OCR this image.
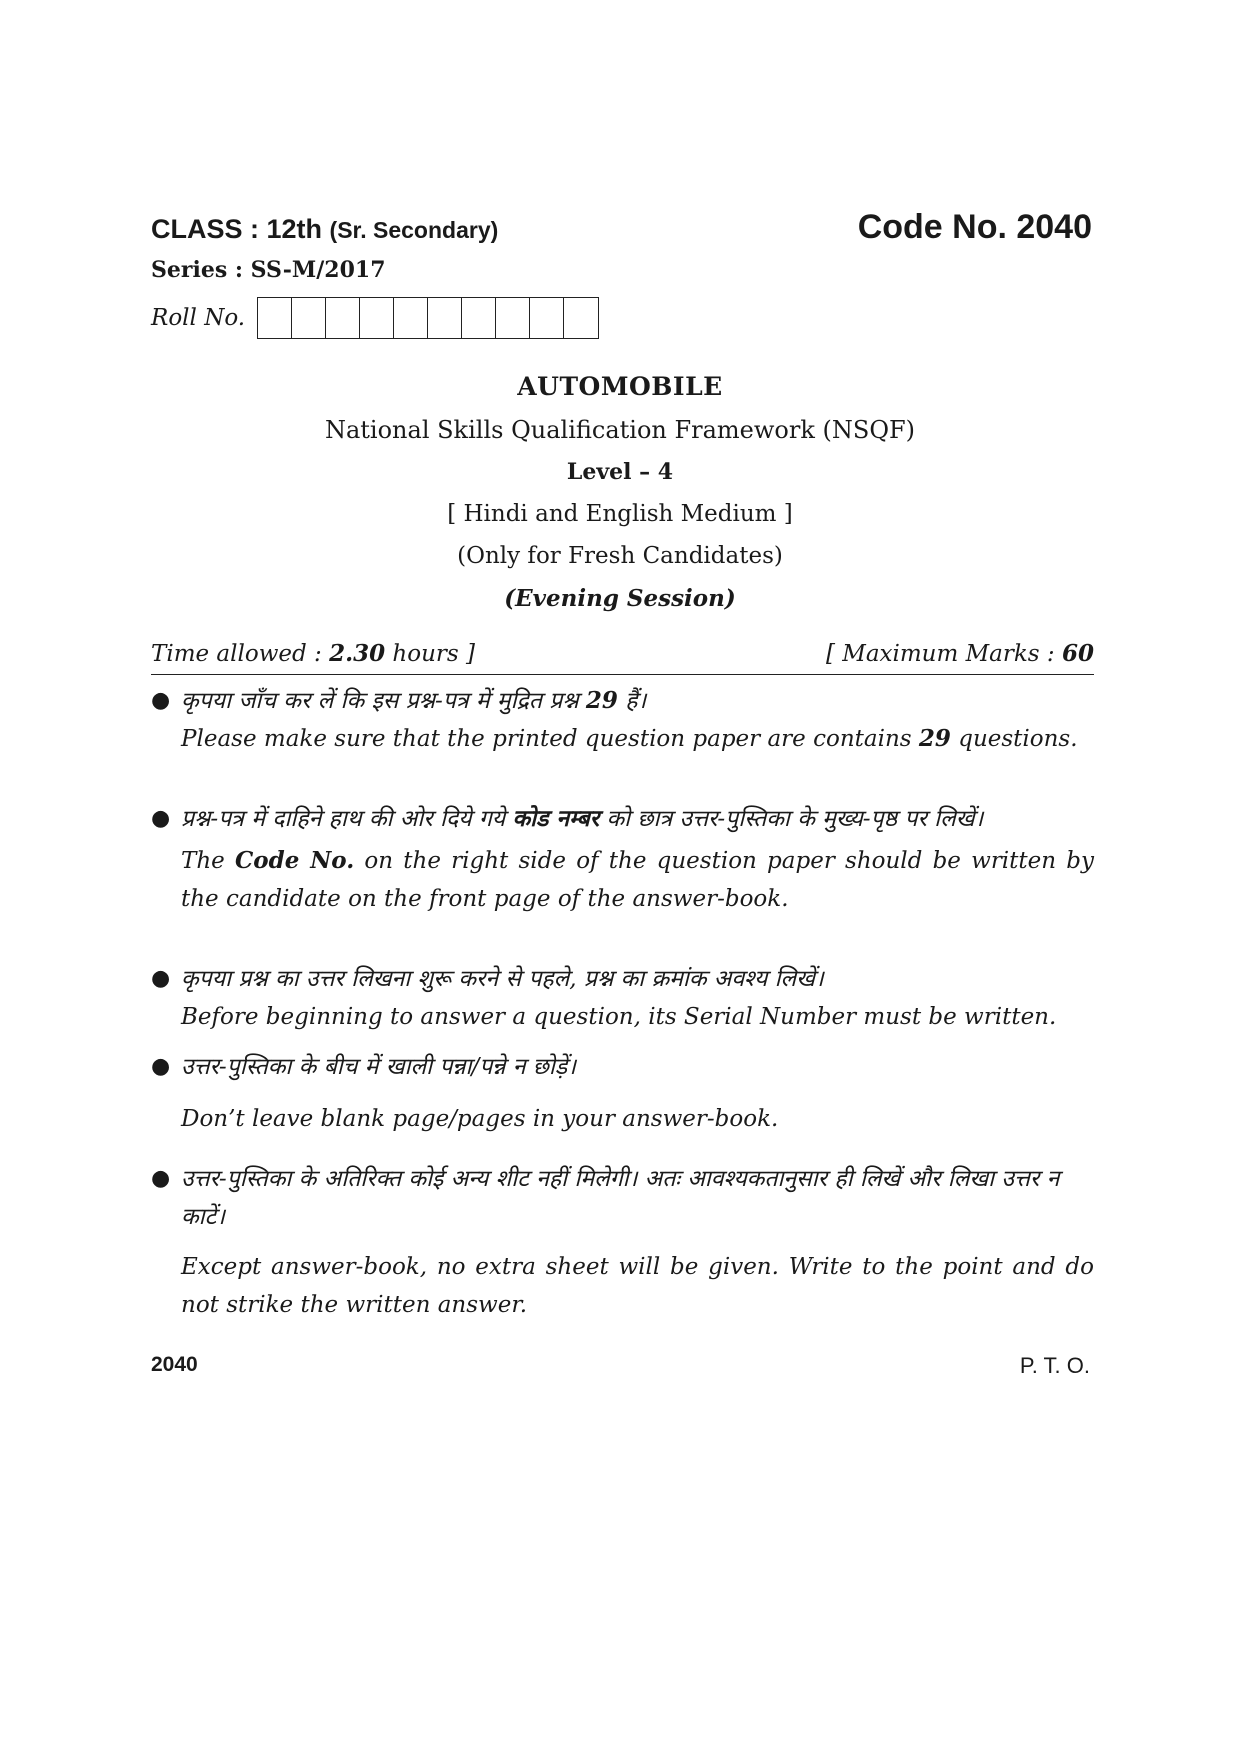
CLASS : 12th (Sr. Secondary)	Code No. 2040
Series : SS-M/2017
Roll No.
AUTOMOBILE
National Skills Qualification Framework (NSQF)
Level – 4
[ Hindi and English Medium ]
(Only for Fresh Candidates)
(Evening Session)
Time allowed : 2.30 hours ]	[ Maximum Marks : 60
● कृपया जाँच कर लें कि इस प्रश्न-पत्र में मुद्रित प्रश्न 29 हैं।
Please make sure that the printed question paper are contains 29 questions.
● प्रश्न-पत्र में दाहिने हाथ की ओर दिये गये कोड नम्बर को छात्र उत्तर-पुस्तिका के मुख्य-पृष्ठ पर लिखें।
The Code No. on the right side of the question paper should be written by the candidate on the front page of the answer-book.
● कृपया प्रश्न का उत्तर लिखना शुरू करने से पहले, प्रश्न का क्रमांक अवश्य लिखें।
Before beginning to answer a question, its Serial Number must be written.
● उत्तर-पुस्तिका के बीच में खाली पन्ना/पन्ने न छोड़ें।
Don’t leave blank page/pages in your answer-book.
● उत्तर-पुस्तिका के अतिरिक्त कोई अन्य शीट नहीं मिलेगी। अतः आवश्यकतानुसार ही लिखें और लिखा उत्तर न काटें।
Except answer-book, no extra sheet will be given. Write to the point and do not strike the written answer.
2040	P. T. O.
